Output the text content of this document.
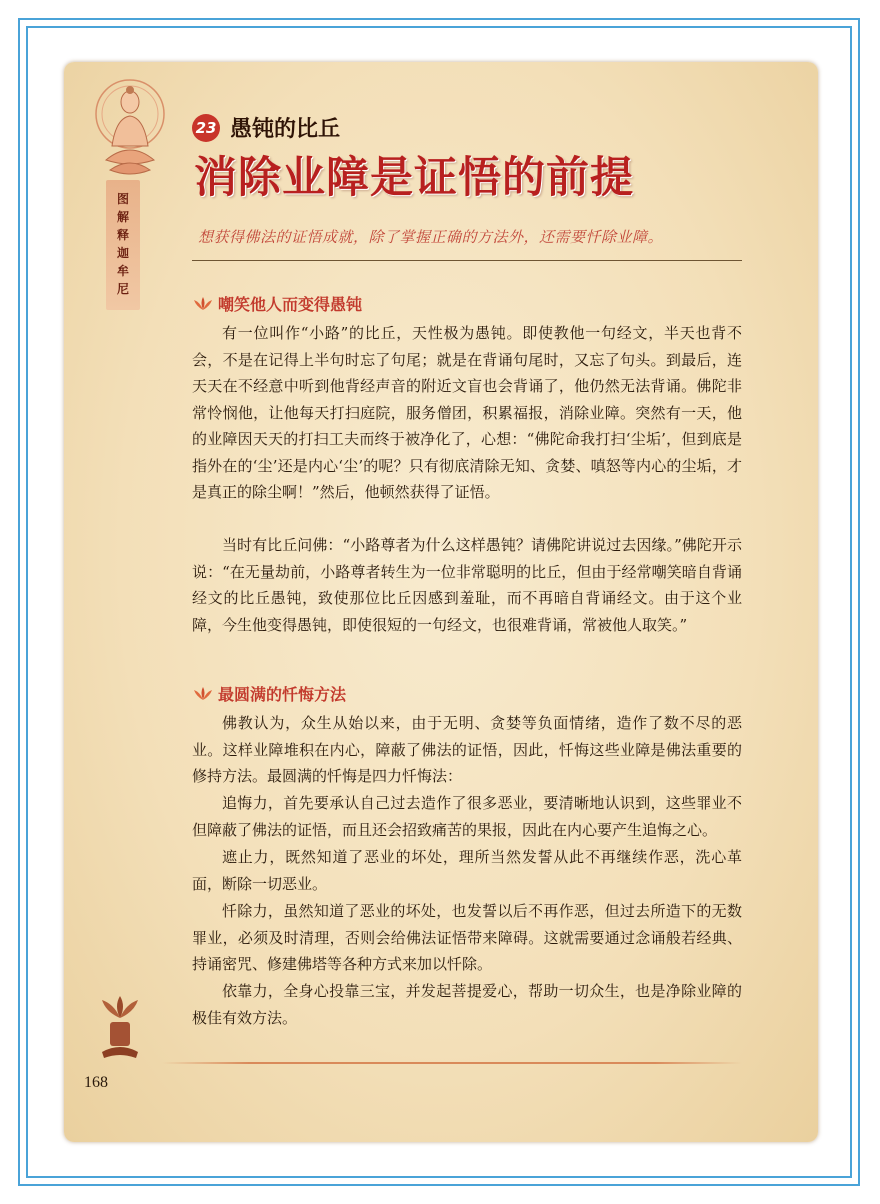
图
解
释
迦
牟
尼
23 愚钝的比丘
消除业障是证悟的前提
想获得佛法的证悟成就，除了掌握正确的方法外，还需要忏除业障。
嘲笑他人而变得愚钝
有一位叫作“小路”的比丘，天性极为愚钝。即使教他一句经文，半天也背不会，不是在记得上半句时忘了句尾；就是在背诵句尾时，又忘了句头。到最后，连天天在不经意中听到他背经声音的附近文盲也会背诵了，他仍然无法背诵。佛陀非常怜悯他，让他每天打扫庭院，服务僧团，积累福报，消除业障。突然有一天，他的业障因天天的打扫工夫而终于被净化了，心想：“佛陀命我打扫‘尘垢’，但到底是指外在的‘尘’还是内心‘尘’的呢？只有彻底清除无知、贪婪、嗔怒等内心的尘垢，才是真正的除尘啊！”然后，他顿然获得了证悟。
当时有比丘问佛：“小路尊者为什么这样愚钝？请佛陀讲说过去因缘。”佛陀开示说：“在无量劫前，小路尊者转生为一位非常聪明的比丘，但由于经常嘲笑暗自背诵经文的比丘愚钝，致使那位比丘因感到羞耻，而不再暗自背诵经文。由于这个业障，今生他变得愚钝，即使很短的一句经文，也很难背诵，常被他人取笑。”
最圆满的忏悔方法
佛教认为，众生从始以来，由于无明、贪婪等负面情绪，造作了数不尽的恶业。这样业障堆积在内心，障蔽了佛法的证悟，因此，忏悔这些业障是佛法重要的修持方法。最圆满的忏悔是四力忏悔法：
追悔力，首先要承认自己过去造作了很多恶业，要清晰地认识到，这些罪业不但障蔽了佛法的证悟，而且还会招致痛苦的果报，因此在内心要产生追悔之心。
遮止力，既然知道了恶业的坏处，理所当然发誓从此不再继续作恶，洗心革面，断除一切恶业。
忏除力，虽然知道了恶业的坏处，也发誓以后不再作恶，但过去所造下的无数罪业，必须及时清理，否则会给佛法证悟带来障碍。这就需要通过念诵般若经典、持诵密咒、修建佛塔等各种方式来加以忏除。
依靠力，全身心投靠三宝，并发起菩提爱心，帮助一切众生，也是净除业障的极佳有效方法。
168
